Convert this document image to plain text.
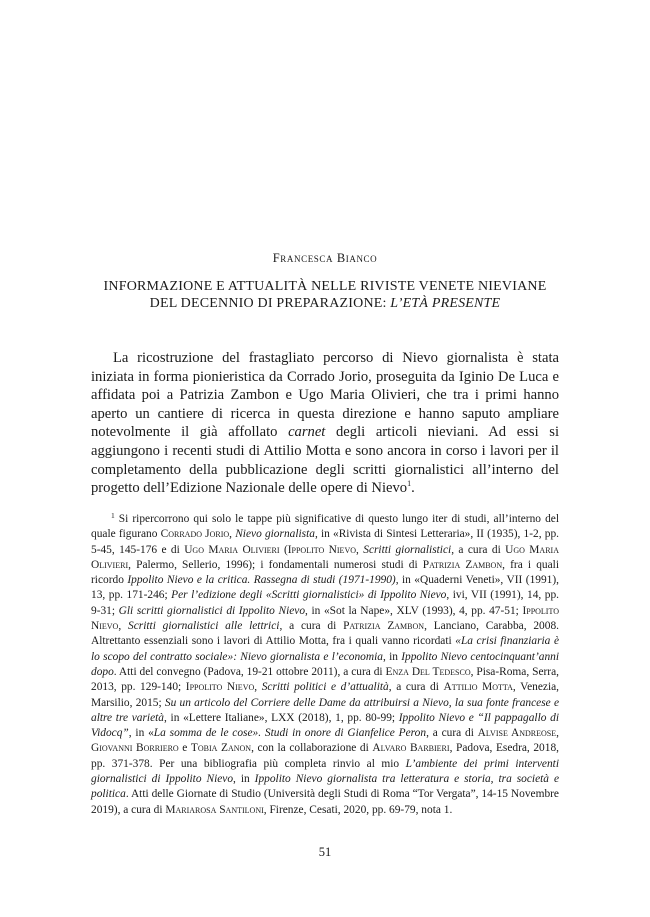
Francesca Bianco
INFORMAZIONE E ATTUALITÀ NELLE RIVISTE VENETE NIEVIANE
DEL DECENNIO DI PREPARAZIONE: L’ETÀ PRESENTE

La ricostruzione del frastagliato percorso di Nievo giornalista è stata iniziata in forma pionieristica da Corrado Jorio, proseguita da Iginio De Luca e affidata poi a Patrizia Zambon e Ugo Maria Olivieri, che tra i primi hanno aperto un cantiere di ricerca in questa direzione e hanno saputo ampliare notevolmente il già affollato carnet degli articoli nieviani. Ad essi si aggiungono i recenti studi di Attilio Motta e sono ancora in corso i lavori per il completamento della pubblicazione degli scritti giornalistici all’interno del progetto dell’Edizione Nazionale delle opere di Nievo$^1$.

$^1$ Si ripercorrono qui solo le tappe più significative di questo lungo iter di studi, all’interno del quale figurano Corrado Jorio, Nievo giornalista, in «Rivista di Sintesi Letteraria», II (1935), 1-2, pp. 5-45, 145-176 e di Ugo Maria Olivieri (Ippolito Nievo, Scritti giornalistici, a cura di Ugo Maria Olivieri, Palermo, Sellerio, 1996); i fondamentali numerosi studi di Patrizia Zambon, fra i quali ricordo Ippolito Nievo e la critica. Rassegna di studi (1971-1990), in «Quaderni Veneti», VII (1991), 13, pp. 171-246; Per l’edizione degli «Scritti giornalistici» di Ippolito Nievo, ivi, VII (1991), 14, pp. 9-31; Gli scritti giornalistici di Ippolito Nievo, in «Sot la Nape», XLV (1993), 4, pp. 47-51; Ippolito Nievo, Scritti giornalistici alle lettrici, a cura di Patrizia Zambon, Lanciano, Carabba, 2008. Altrettanto essenziali sono i lavori di Attilio Motta, fra i quali vanno ricordati «La crisi finanziaria è lo scopo del contratto sociale»: Nievo giornalista e l’economia, in Ippolito Nievo centocinquant’anni dopo. Atti del convegno (Padova, 19-21 ottobre 2011), a cura di Enza Del Tedesco, Pisa-Roma, Serra, 2013, pp. 129-140; Ippolito Nievo, Scritti politici e d’attualità, a cura di Attilio Motta, Venezia, Marsilio, 2015; Su un articolo del Corriere delle Dame da attribuirsi a Nievo, la sua fonte francese e altre tre varietà, in «Lettere Italiane», LXX (2018), 1, pp. 80-99; Ippolito Nievo e “Il pappagallo di Vidocq”, in «La somma de le cose». Studi in onore di Gianfelice Peron, a cura di Alvise Andreose, Giovanni Borriero e Tobia Zanon, con la collaborazione di Alvaro Barbieri, Padova, Esedra, 2018, pp. 371-378. Per una bibliografia più completa rinvio al mio L’ambiente dei primi interventi giornalistici di Ippolito Nievo, in Ippolito Nievo giornalista tra letteratura e storia, tra società e politica. Atti delle Giornate di Studio (Università degli Studi di Roma “Tor Vergata”, 14-15 Novembre 2019), a cura di Mariarosa Santiloni, Firenze, Cesati, 2020, pp. 69-79, nota 1.

51
